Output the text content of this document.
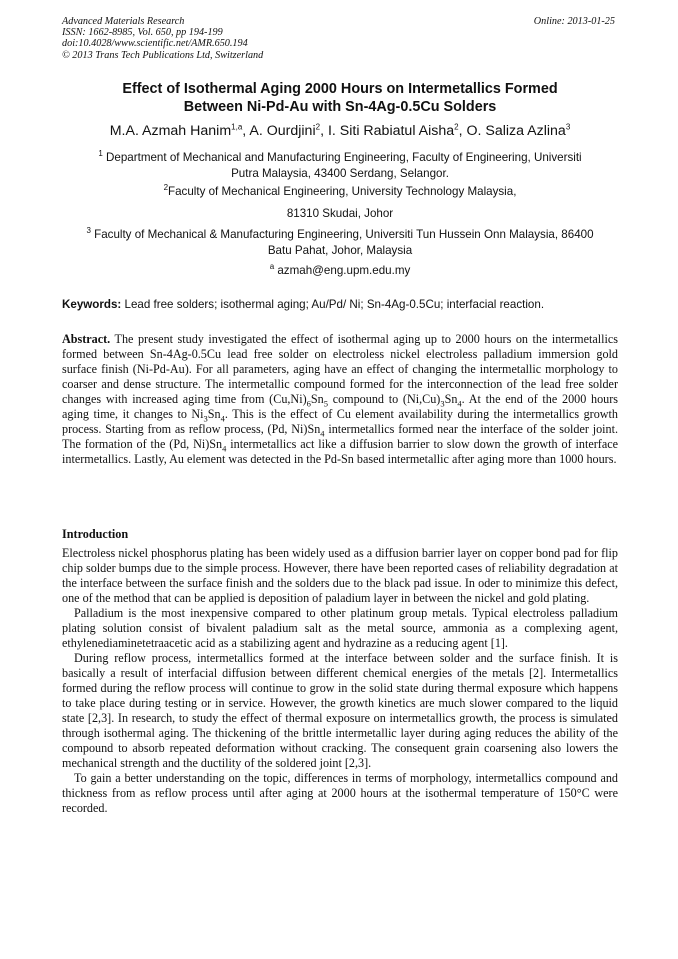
Advanced Materials Research
ISSN: 1662-8985, Vol. 650, pp 194-199
doi:10.4028/www.scientific.net/AMR.650.194
© 2013 Trans Tech Publications Ltd, Switzerland
Online: 2013-01-25
Effect of Isothermal Aging 2000 Hours on Intermetallics Formed
Between Ni-Pd-Au with Sn-4Ag-0.5Cu Solders
M.A. Azmah Hanim$^{1,a}$, A. Ourdjini$^2$, I. Siti Rabiatul Aisha$^2$, O. Saliza Azlina$^3$
$^1$ Department of Mechanical and Manufacturing Engineering, Faculty of Engineering, Universiti
Putra Malaysia, 43400 Serdang, Selangor.
$^2$Faculty of Mechanical Engineering, University Technology Malaysia,
81310 Skudai, Johor
$^3$ Faculty of Mechanical & Manufacturing Engineering, Universiti Tun Hussein Onn Malaysia, 86400
Batu Pahat, Johor, Malaysia
$^a$ azmah@eng.upm.edu.my
Keywords: Lead free solders; isothermal aging; Au/Pd/ Ni; Sn-4Ag-0.5Cu; interfacial reaction.
Abstract. The present study investigated the effect of isothermal aging up to 2000 hours on the intermetallics formed between Sn-4Ag-0.5Cu lead free solder on electroless nickel electroless palladium immersion gold surface finish (Ni-Pd-Au). For all parameters, aging have an effect of changing the intermetallic morphology to coarser and dense structure. The intermetallic compound formed for the interconnection of the lead free solder changes with increased aging time from $(Cu,Ni)_6Sn_5$ compound to $(Ni,Cu)_3Sn_4$. At the end of the 2000 hours aging time, it changes to $Ni_3Sn_4$. This is the effect of Cu element availability during the intermetallics growth process. Starting from as reflow process, (Pd, $Ni)Sn_4$ intermetallics formed near the interface of the solder joint. The formation of the (Pd, $Ni)Sn_4$ intermetallics act like a diffusion barrier to slow down the growth of interface intermetallics. Lastly, Au element was detected in the Pd-Sn based intermetallic after aging more than 1000 hours.
Introduction

Electroless nickel phosphorus plating has been widely used as a diffusion barrier layer on copper bond pad for flip chip solder bumps due to the simple process. However, there have been reported cases of reliability degradation at the interface between the surface finish and the solders due to the black pad issue. In oder to minimize this defect, one of the method that can be applied is deposition of paladium layer in between the nickel and gold plating.

Palladium is the most inexpensive compared to other platinum group metals. Typical electroless palladium plating solution consist of bivalent paladium salt as the metal source, ammonia as a complexing agent, ethylenediaminetetraacetic acid as a stabilizing agent and hydrazine as a reducing agent [1].

During reflow process, intermetallics formed at the interface between solder and the surface finish. It is basically a result of interfacial diffusion between different chemical energies of the metals [2]. Intermetallics formed during the reflow process will continue to grow in the solid state during thermal exposure which happens to take place during testing or in service. However, the growth kinetics are much slower compared to the liquid state [2,3]. In research, to study the effect of thermal exposure on intermetallics growth, the process is simulated through isothermal aging. The thickening of the brittle intermetallic layer during aging reduces the ability of the compound to absorb repeated deformation without cracking. The consequent grain coarsening also lowers the mechanical strength and the ductility of the soldered joint [2,3].

To gain a better understanding on the topic, differences in terms of morphology, intermetallics compound and thickness from as reflow process until after aging at 2000 hours at the isothermal temperature of 150°C were recorded.
